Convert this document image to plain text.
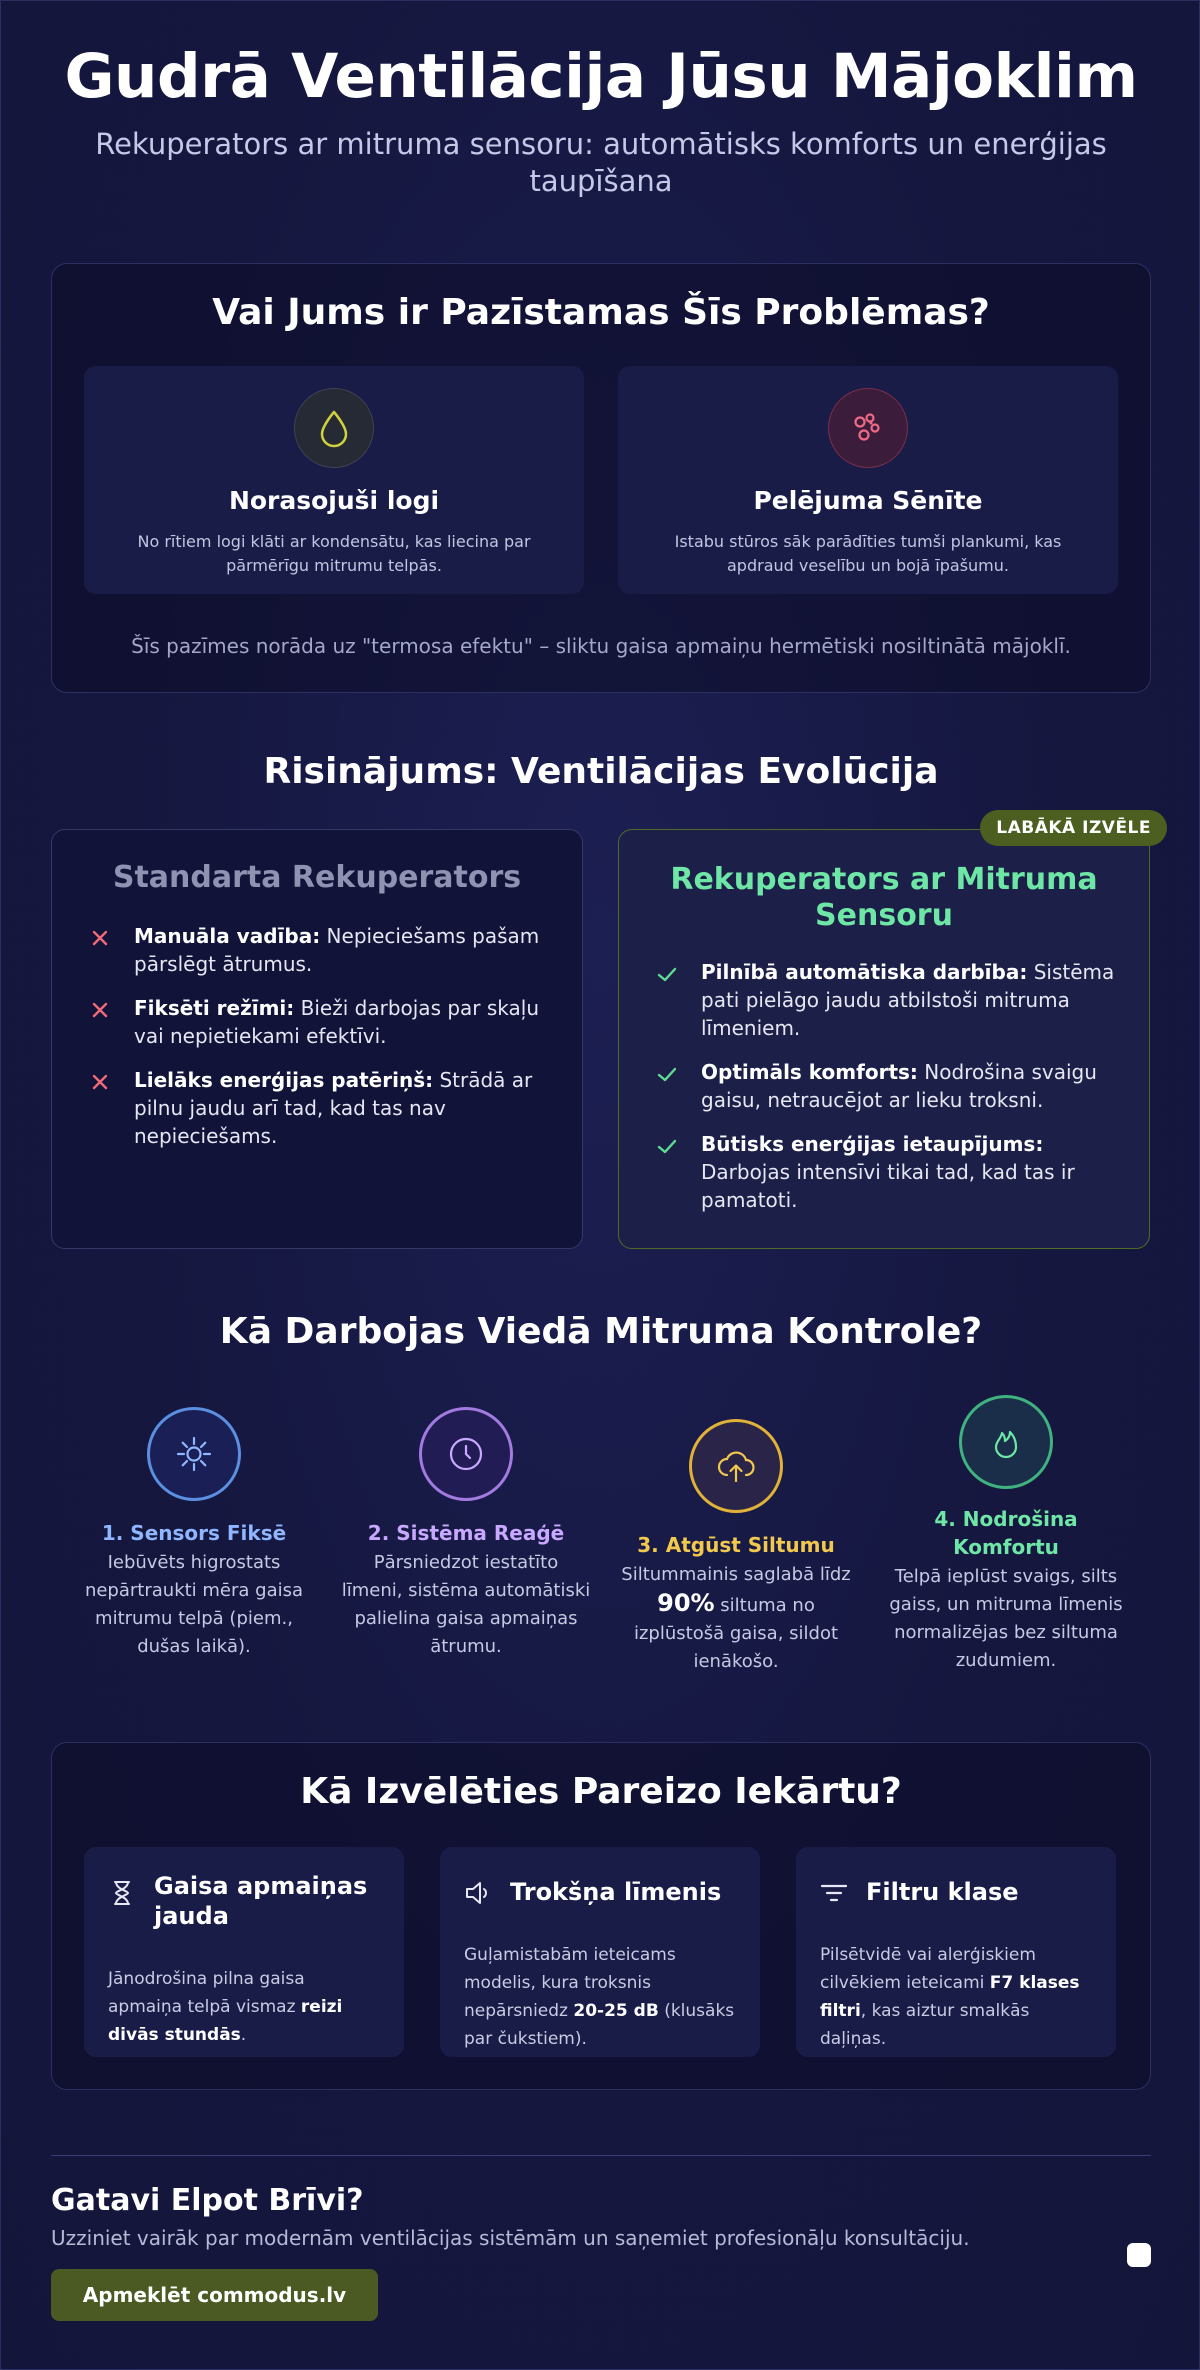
Gudrā Ventilācija Jūsu Mājoklim

Rekuperators ar mitruma sensoru: automātisks komforts un enerģijas taupīšana

Vai Jums ir Pazīstamas Šīs Problēmas?
Norasojuši logi
No rītiem logi klāti ar kondensātu, kas liecina par pārmērīgu mitrumu telpās.
Pelējuma Sēnīte
Istabu stūros sāk parādīties tumši plankumi, kas apdraud veselību un bojā īpašumu.

Šīs pazīmes norāda uz "termosa efektu" – sliktu gaisa apmaiņu hermētiski nosiltinātā mājoklī.

Risinājums: Ventilācijas Evolūcija
Standarta Rekuperators
Manuāla vadība: Nepieciešams pašam pārslēgt ātrumus.
Fiksēti režīmi: Bieži darbojas par skaļu vai nepietiekami efektīvi.
Lielāks enerģijas patēriņš: Strādā ar pilnu jaudu arī tad, kad tas nav nepieciešams.
Rekuperators ar Mitruma Sensoru
Pilnībā automātiska darbība: Sistēma pati pielāgo jaudu atbilstoši mitruma līmeniem.
Optimāls komforts: Nodrošina svaigu gaisu, netraucējot ar lieku troksni.
Būtisks enerģijas ietaupījums: Darbojas intensīvi tikai tad, kad tas ir pamatoti.
LABĀKĀ IZVĒLE
Kā Darbojas Viedā Mitruma Kontrole?
1. Sensors Fiksē
Iebūvēts higrostats nepārtraukti mēra gaisa mitrumu telpā (piem., dušas laikā).
2. Sistēma Reaģē
Pārsniedzot iestatīto līmeni, sistēma automātiski palielina gaisa apmaiņas ātrumu.
3. Atgūst Siltumu
Siltummainis saglabā līdz
90% siltuma no izplūstošā gaisa, sildot ienākošo.
4. Nodrošina Komfortu
Telpā ieplūst svaigs, silts gaiss, un mitruma līmenis normalizējas bez siltuma zudumiem.
Kā Izvēlēties Pareizo Iekārtu?
Gaisa apmaiņas jauda
Jānodrošina pilna gaisa apmaiņa telpā vismaz reizi divās stundās.
Trokšņa līmenis
Guļamistabām ieteicams modelis, kura troksnis nepārsniedz 20-25 dB (klusāks par čukstiem).
Filtru klase
Pilsētvidē vai alerģiskiem cilvēkiem ieteicami F7 klases filtri, kas aiztur smalkās daļiņas.
Gatavi Elpot Brīvi?

Uzziniet vairāk par modernām ventilācijas sistēmām un saņemiet profesionāļu konsultāciju.

Apmeklēt commodus.lv
